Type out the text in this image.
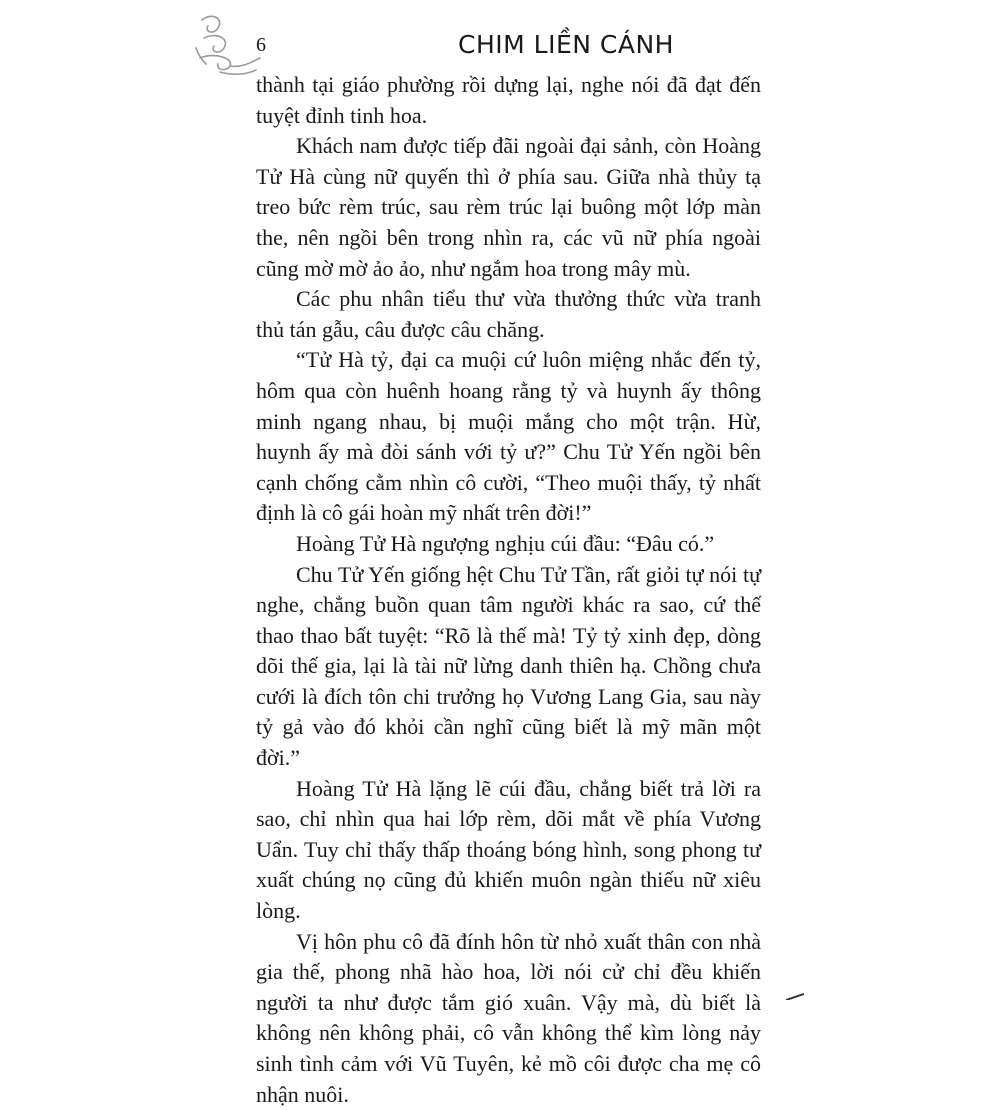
6	CHIM LIỀN CÁNH

thành tại giáo phường rồi dựng lại, nghe nói đã đạt đến tuyệt đỉnh tinh hoa.

Khách nam được tiếp đãi ngoài đại sảnh, còn Hoàng Tử Hà cùng nữ quyến thì ở phía sau. Giữa nhà thủy tạ treo bức rèm trúc, sau rèm trúc lại buông một lớp màn the, nên ngồi bên trong nhìn ra, các vũ nữ phía ngoài cũng mờ mờ ảo ảo, như ngắm hoa trong mây mù.

Các phu nhân tiểu thư vừa thưởng thức vừa tranh thủ tán gẫu, câu được câu chăng.

“Tử Hà tỷ, đại ca muội cứ luôn miệng nhắc đến tỷ, hôm qua còn huênh hoang rằng tỷ và huynh ấy thông minh ngang nhau, bị muội mắng cho một trận. Hừ, huynh ấy mà đòi sánh với tỷ ư?” Chu Tử Yến ngồi bên cạnh chống cằm nhìn cô cười, “Theo muội thấy, tỷ nhất định là cô gái hoàn mỹ nhất trên đời!”

Hoàng Tử Hà ngượng nghịu cúi đầu: “Đâu có.”

Chu Tử Yến giống hệt Chu Tử Tần, rất giỏi tự nói tự nghe, chẳng buồn quan tâm người khác ra sao, cứ thế thao thao bất tuyệt: “Rõ là thế mà! Tỷ tỷ xinh đẹp, dòng dõi thế gia, lại là tài nữ lừng danh thiên hạ. Chồng chưa cưới là đích tôn chi trưởng họ Vương Lang Gia, sau này tỷ gả vào đó khỏi cần nghĩ cũng biết là mỹ mãn một đời.”

Hoàng Tử Hà lặng lẽ cúi đầu, chẳng biết trả lời ra sao, chỉ nhìn qua hai lớp rèm, dõi mắt về phía Vương Uẩn. Tuy chỉ thấy thấp thoáng bóng hình, song phong tư xuất chúng nọ cũng đủ khiến muôn ngàn thiếu nữ xiêu lòng.

Vị hôn phu cô đã đính hôn từ nhỏ xuất thân con nhà gia thế, phong nhã hào hoa, lời nói cử chỉ đều khiến người ta như được tắm gió xuân. Vậy mà, dù biết là không nên không phải, cô vẫn không thể kìm lòng nảy sinh tình cảm với Vũ Tuyên, kẻ mồ côi được cha mẹ cô nhận nuôi.
